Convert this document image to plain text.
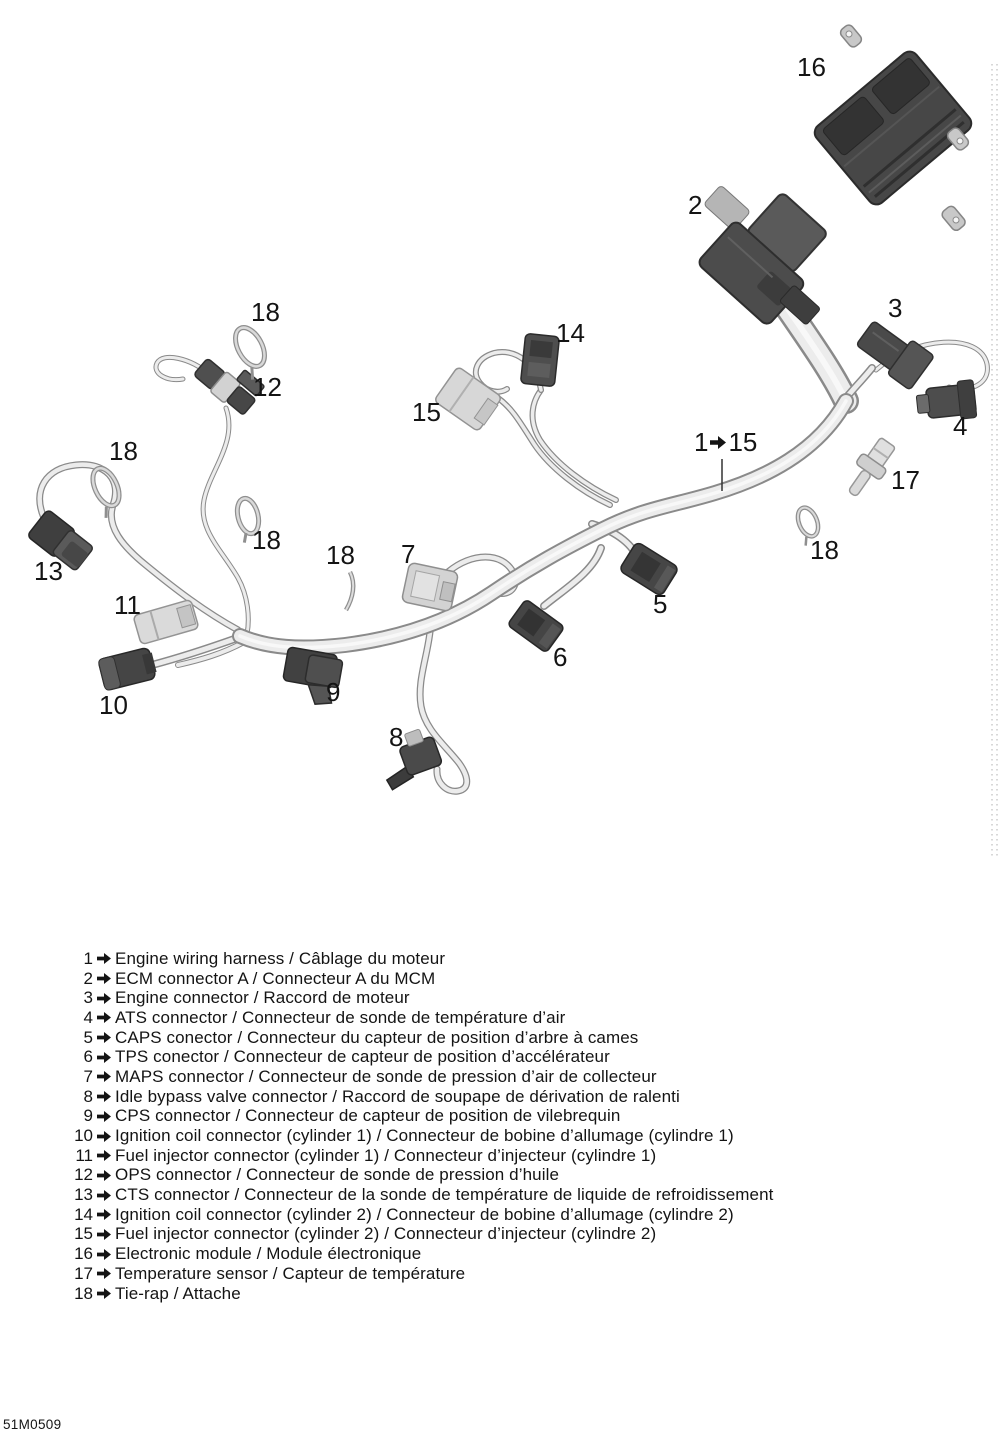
16
2
3
4
18
12
14
15
17
18
18
13
11
18 18 7
5
6
9
10
8
1 15
1 Engine wiring harness / Câblage du moteur
2 ECM connector A / Connecteur A du MCM
3 Engine connector / Raccord de moteur
4 ATS connector / Connecteur de sonde de température d’air
5 CAPS conector / Connecteur du capteur de position d’arbre à cames
6 TPS conector / Connecteur de capteur de position d’accélérateur
7 MAPS connector / Connecteur de sonde de pression d’air de collecteur
8 Idle bypass valve connector / Raccord de soupape de dérivation de ralenti
9 CPS connector / Connecteur de capteur de position de vilebrequin
10 Ignition coil connector (cylinder 1) / Connecteur de bobine d’allumage (cylindre 1)
11 Fuel injector connector (cylinder 1) / Connecteur d’injecteur (cylindre 1)
12 OPS connector / Connecteur de sonde de pression d’huile
13 CTS connector / Connecteur de la sonde de température de liquide de refroidissement
14 Ignition coil connector (cylinder 2) / Connecteur de bobine d’allumage (cylindre 2)
15 Fuel injector connector (cylinder 2) / Connecteur d’injecteur (cylindre 2)
16 Electronic module / Module électronique
17 Temperature sensor / Capteur de température
18 Tie-rap / Attache
51M0509
